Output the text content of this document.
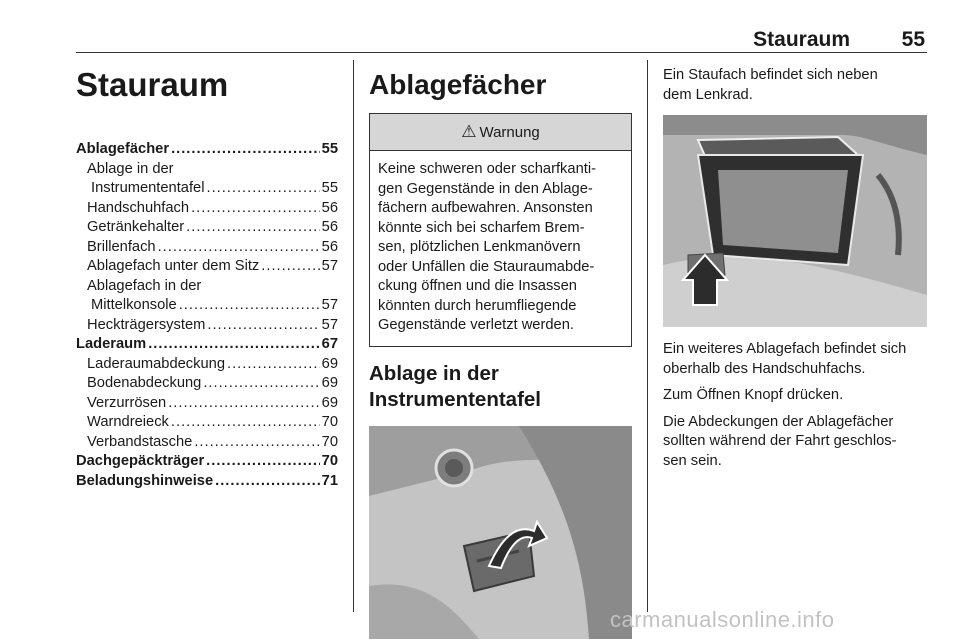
Stauraum 55
Stauraum
Ablagefächer .....	55
Ablage in der
Instrumententafel .....	55
Handschuhfach .....	56
Getränkehalter .....	56
Brillenfach .....	56
Ablagefach unter dem Sitz .....	57
Ablagefach in der
Mittelkonsole .....	57
Heckträgersystem .....	57
Laderaum .....	67
Laderaumabdeckung .....	69
Bodenabdeckung .....	69
Verzurrösen .....	69
Warndreieck .....	70
Verbandstasche .....	70
Dachgepäckträger .....	70
Beladungshinweise .....	71
Ablagefächer
⚠ Warnung
Keine schweren oder scharfkanti-
gen Gegenstände in den Ablage-
fächern aufbewahren. Ansonsten
könnte sich bei scharfem Brem-
sen, plötzlichen Lenkmanövern
oder Unfällen die Stauraumabde-
ckung öffnen und die Insassen
könnten durch herumfliegende
Gegenstände verletzt werden.
Ablage in der
Instrumententafel

Ein Staufach befindet sich neben
dem Lenkrad.

Ein weiteres Ablagefach befindet sich
oberhalb des Handschuhfachs.

Zum Öffnen Knopf drücken.

Die Abdeckungen der Ablagefächer
sollten während der Fahrt geschlos-
sen sein.

carmanualsonline.info
